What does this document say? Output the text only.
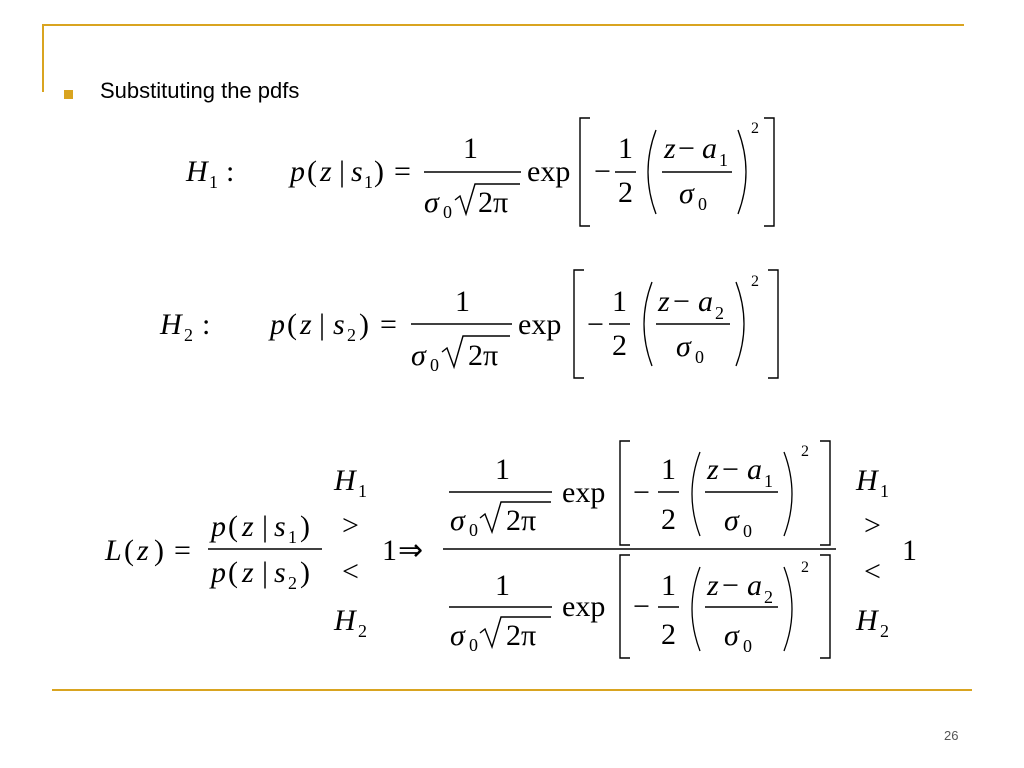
Substituting the pdfs
26
H 1 : p ( z | s 1 ) =
1
σ 0 2π
exp −
1
2
z − a 1
σ 0
2
H 2 : p ( z | s 2 ) =
1
σ 0 2π
exp −
1
2
z − a 2
σ 0
2
L ( z ) =
p ( z | s 1 )
p ( z | s 2 )
H 1
>
<
H 2
1 ⇒
1
σ 0 2π
exp −
1
2
z − a 1
σ 0
2
1
σ 0 2π
exp −
1
2
z − a 2
σ 0
2
H 1
>
1
<
H 2
